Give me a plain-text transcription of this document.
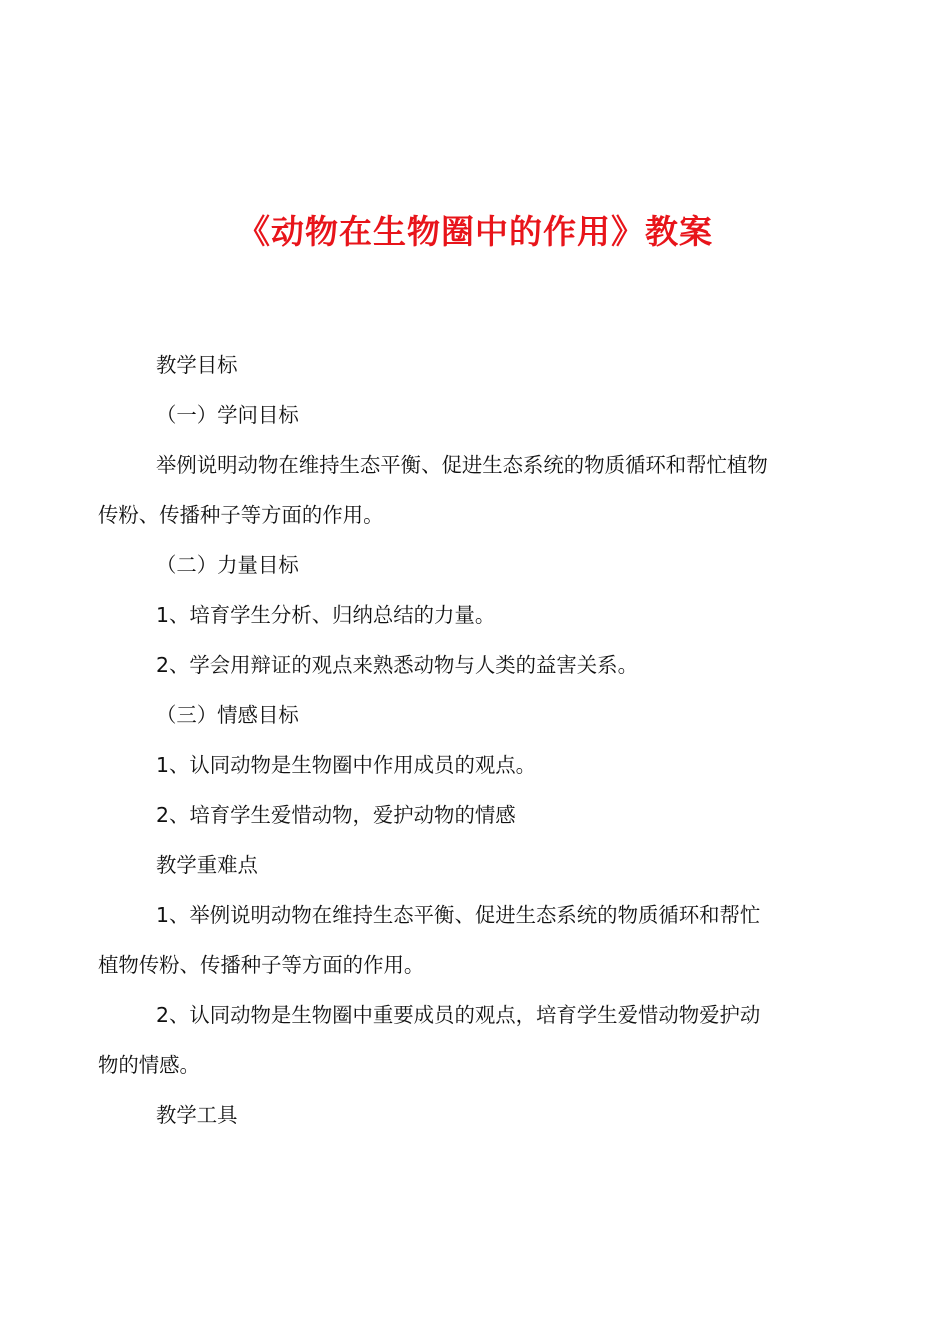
《动物在生物圈中的作用》教案

教学目标

（一）学问目标

举例说明动物在维持生态平衡、促进生态系统的物质循环和帮忙植物
传粉、传播种子等方面的作用。

（二）力量目标

1、培育学生分析、归纳总结的力量。

2、学会用辩证的观点来熟悉动物与人类的益害关系。

（三）情感目标

1、认同动物是生物圈中作用成员的观点。

2、培育学生爱惜动物，爱护动物的情感

教学重难点

1、举例说明动物在维持生态平衡、促进生态系统的物质循环和帮忙
植物传粉、传播种子等方面的作用。

2、认同动物是生物圈中重要成员的观点，培育学生爱惜动物爱护动
物的情感。

教学工具
